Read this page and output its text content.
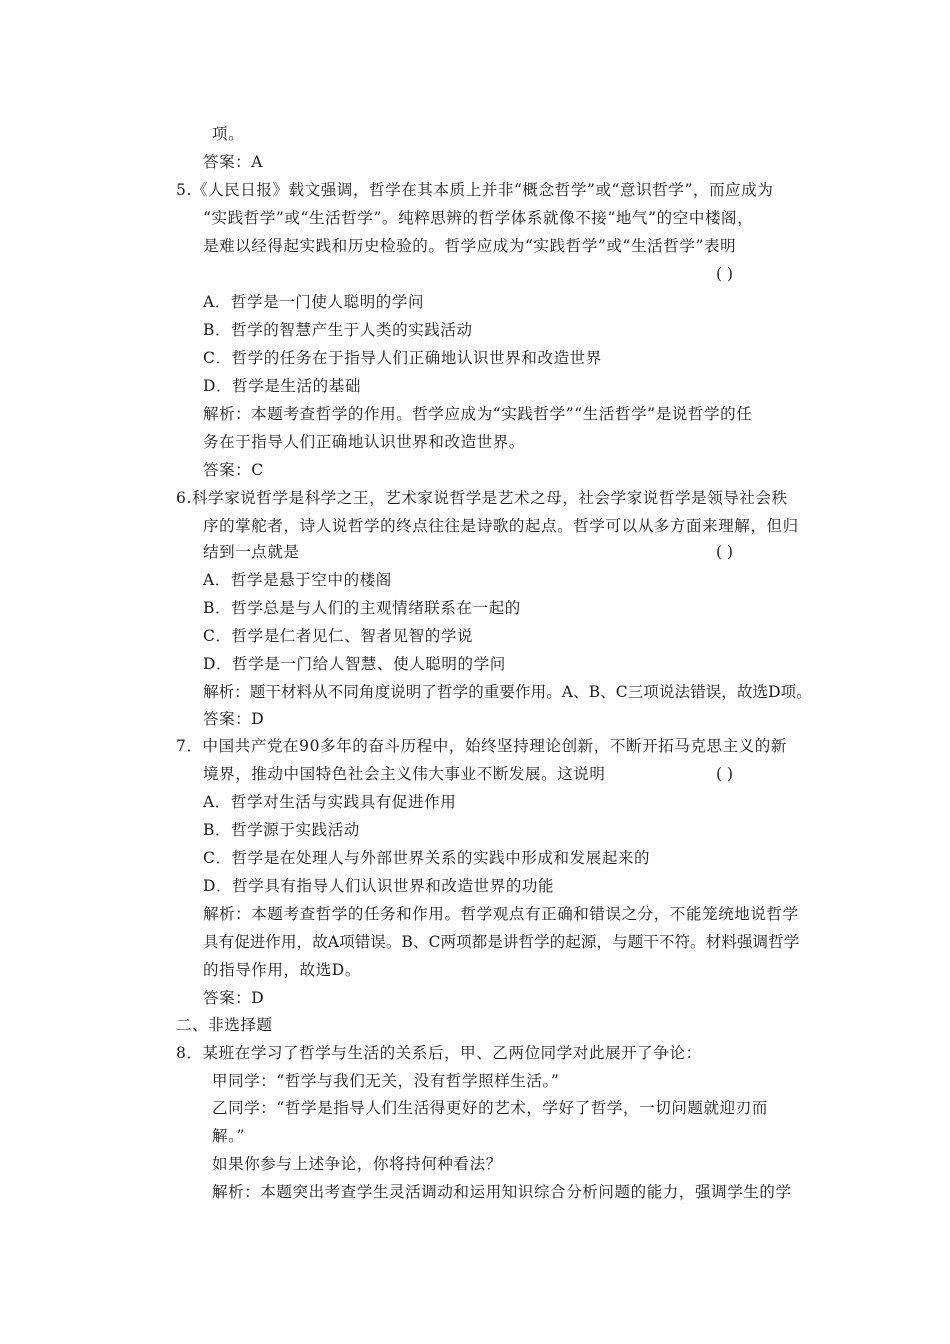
项。
答案：A
5.《人民日报》载文强调，哲学在其本质上并非“概念哲学”或“意识哲学”，而应成为
“实践哲学”或“生活哲学”。纯粹思辨的哲学体系就像不接“地气”的空中楼阁，
是难以经得起实践和历史检验的。哲学应成为“实践哲学”或“生活哲学”表明
( )
A．哲学是一门使人聪明的学问
B．哲学的智慧产生于人类的实践活动
C．哲学的任务在于指导人们正确地认识世界和改造世界
D．哲学是生活的基础
解析：本题考查哲学的作用。哲学应成为“实践哲学”“生活哲学”是说哲学的任
务在于指导人们正确地认识世界和改造世界。
答案：C
6.科学家说哲学是科学之王，艺术家说哲学是艺术之母，社会学家说哲学是领导社会秩
序的掌舵者，诗人说哲学的终点往往是诗歌的起点。哲学可以从多方面来理解，但归
结到一点就是	( )
A．哲学是悬于空中的楼阁
B．哲学总是与人们的主观情绪联系在一起的
C．哲学是仁者见仁、智者见智的学说
D．哲学是一门给人智慧、使人聪明的学问
解析：题干材料从不同角度说明了哲学的重要作用。A、B、C三项说法错误，故选D项。
答案：D
7．中国共产党在90多年的奋斗历程中，始终坚持理论创新，不断开拓马克思主义的新
境界，推动中国特色社会主义伟大事业不断发展。这说明	( )
A．哲学对生活与实践具有促进作用
B．哲学源于实践活动
C．哲学是在处理人与外部世界关系的实践中形成和发展起来的
D．哲学具有指导人们认识世界和改造世界的功能
解析：本题考查哲学的任务和作用。哲学观点有正确和错误之分，不能笼统地说哲学
具有促进作用，故A项错误。B、C两项都是讲哲学的起源，与题干不符。材料强调哲学
的指导作用，故选D。
答案：D
二、非选择题
8．某班在学习了哲学与生活的关系后，甲、乙两位同学对此展开了争论：
甲同学：“哲学与我们无关，没有哲学照样生活。”
乙同学：“哲学是指导人们生活得更好的艺术，学好了哲学，一切问题就迎刃而
解。”
如果你参与上述争论，你将持何种看法？
解析：本题突出考查学生灵活调动和运用知识综合分析问题的能力，强调学生的学
